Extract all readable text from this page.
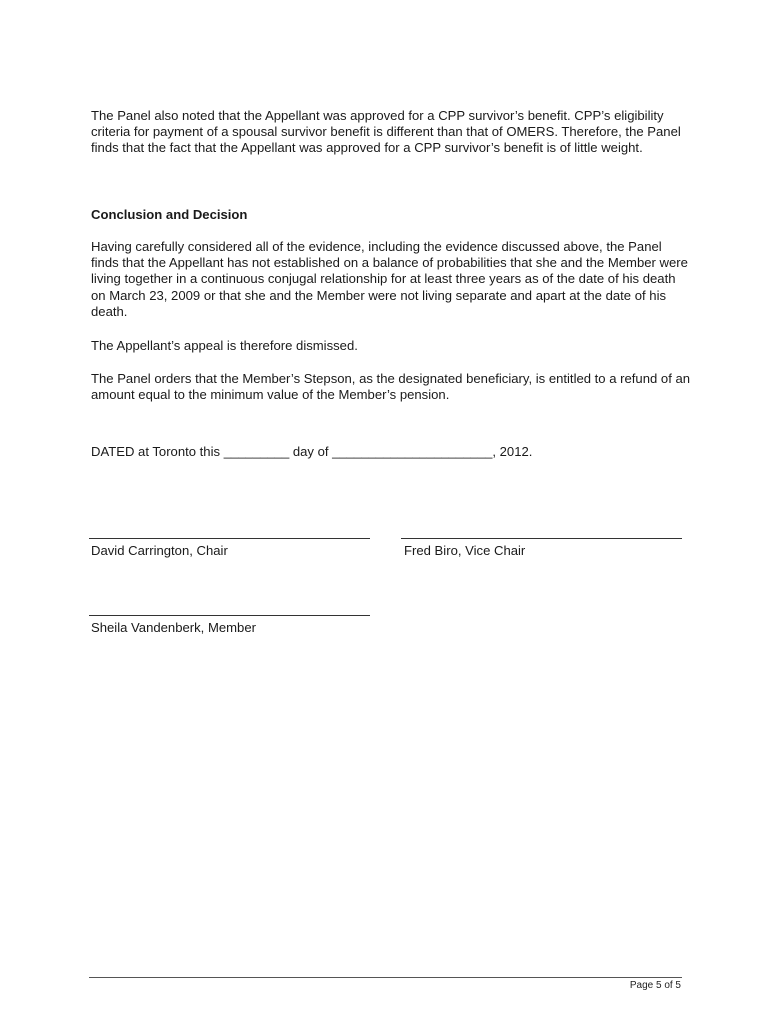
The Panel also noted that the Appellant was approved for a CPP survivor’s benefit. CPP’s eligibility criteria for payment of a spousal survivor benefit is different than that of OMERS. Therefore, the Panel finds that the fact that the Appellant was approved for a CPP survivor’s benefit is of little weight.

Conclusion and Decision

Having carefully considered all of the evidence, including the evidence discussed above, the Panel finds that the Appellant has not established on a balance of probabilities that she and the Member were living together in a continuous conjugal relationship for at least three years as of the date of his death on March 23, 2009 or that she and the Member were not living separate and apart at the date of his death.

The Appellant’s appeal is therefore dismissed.

The Panel orders that the Member’s Stepson, as the designated beneficiary, is entitled to a refund of an amount equal to the minimum value of the Member’s pension.

DATED at Toronto this _________ day of ______________________, 2012.

David Carrington, Chair	Fred Biro, Vice Chair
Sheila Vandenberk, Member
Page 5 of 5
